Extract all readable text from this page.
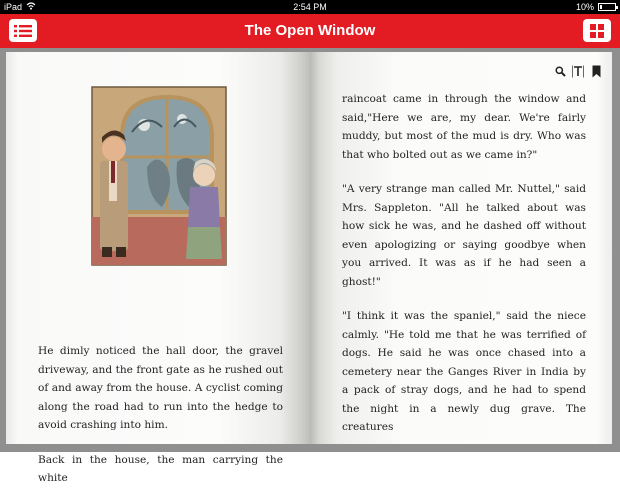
iPad	2:54 PM	10%
The Open Window

He dimly noticed the hall door, the gravel driveway, and the front gate as he rushed out of and away from the house. A cyclist coming along the road had to run into the hedge to avoid crashing into him.

Back in the house, the man carrying the white

raincoat came in through the window and said,"Here we are, my dear. We're fairly muddy, but most of the mud is dry. Who was that who bolted out as we came in?"

"A very strange man called Mr. Nuttel," said Mrs. Sappleton. "All he talked about was how sick he was, and he dashed off without even apologizing or saying goodbye when you arrived. It was as if he had seen a ghost!"

"I think it was the spaniel," said the niece calmly. "He told me that he was terrified of dogs. He said he was once chased into a cemetery near the Ganges River in India by a pack of stray dogs, and he had to spend the night in a newly dug grave. The creatures
